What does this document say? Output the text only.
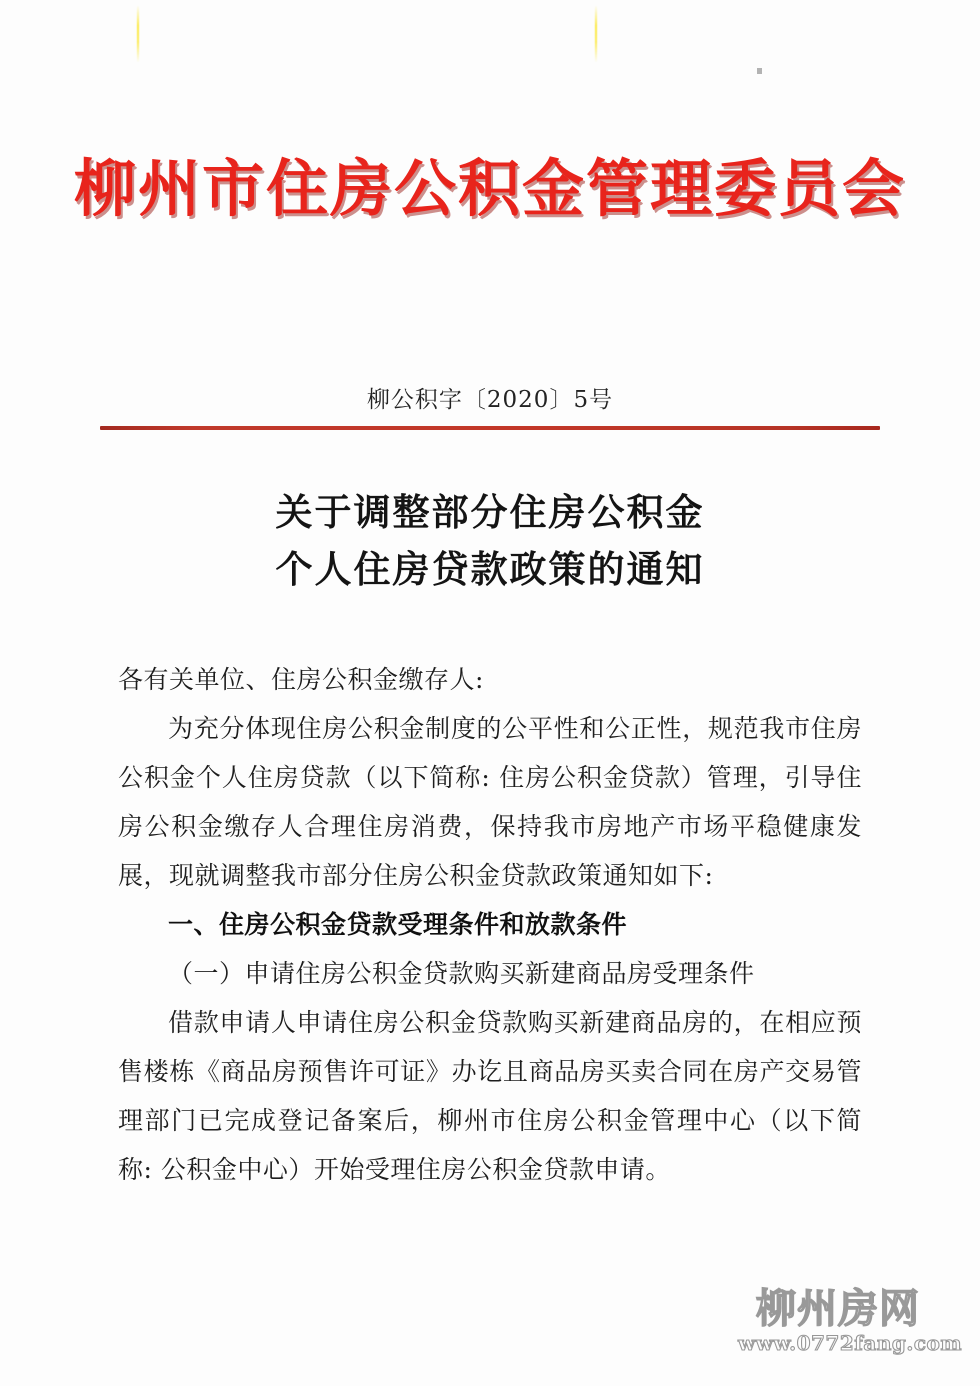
柳州市住房公积金管理委员会
柳公积字〔2020〕5号
关于调整部分住房公积金
个人住房贷款政策的通知

各有关单位、住房公积金缴存人:

为充分体现住房公积金制度的公平性和公正性，规范我市住房公积金个人住房贷款（以下简称: 住房公积金贷款）管理，引导住房公积金缴存人合理住房消费，保持我市房地产市场平稳健康发展，现就调整我市部分住房公积金贷款政策通知如下:

一、住房公积金贷款受理条件和放款条件

（一）申请住房公积金贷款购买新建商品房受理条件

借款申请人申请住房公积金贷款购买新建商品房的，在相应预售楼栋《商品房预售许可证》办讫且商品房买卖合同在房产交易管理部门已完成登记备案后，柳州市住房公积金管理中心（以下简称: 公积金中心）开始受理住房公积金贷款申请。

柳州房网
www.0772fang.com
